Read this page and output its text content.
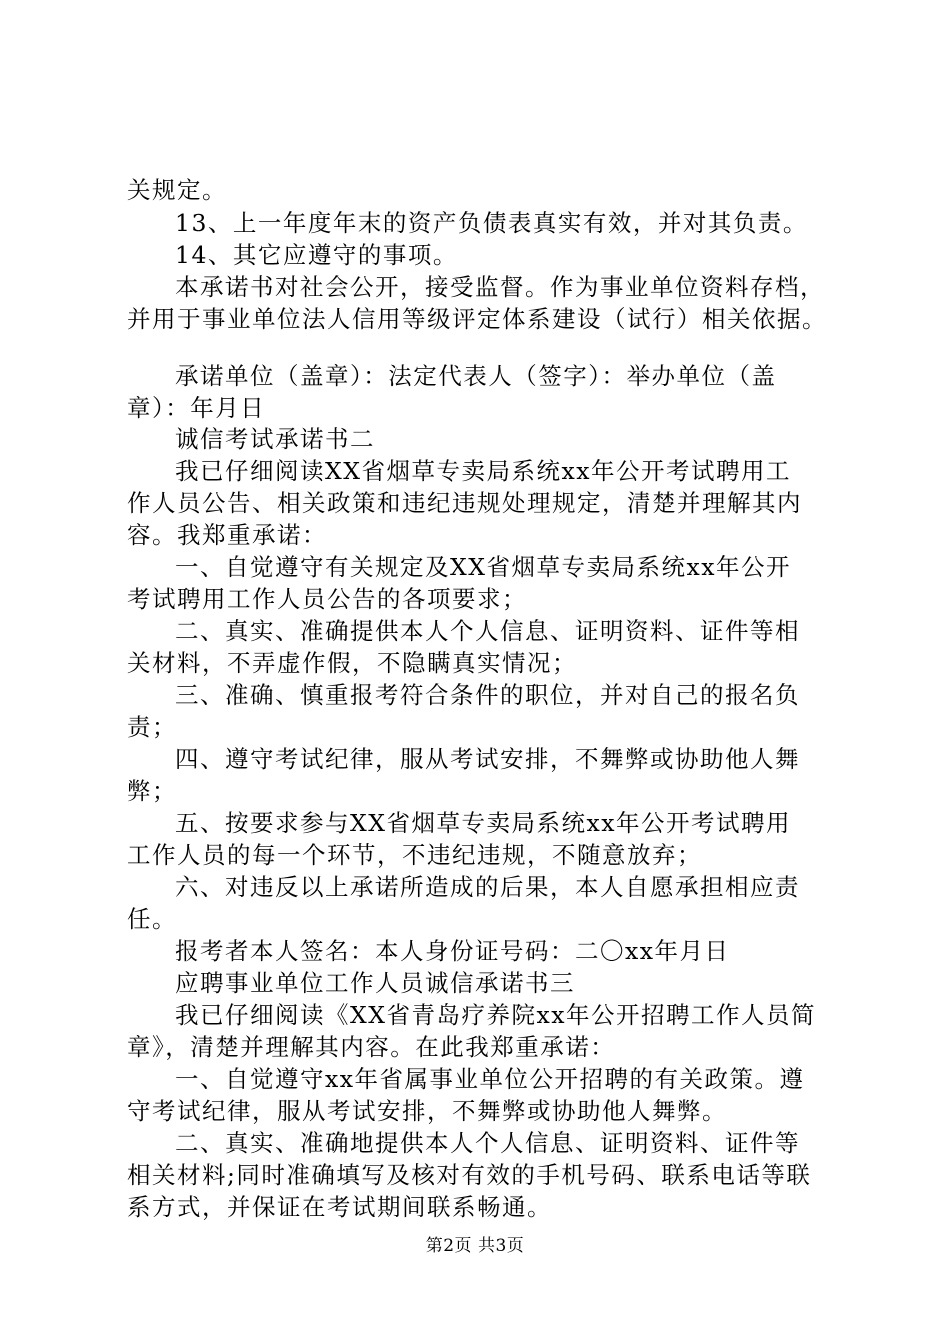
关规定。
13、上一年度年末的资产负债表真实有效，并对其负责。
14、其它应遵守的事项。
本承诺书对社会公开，接受监督。作为事业单位资料存档，
并用于事业单位法人信用等级评定体系建设（试行）相关依据。
承诺单位（盖章）：法定代表人（签字）：举办单位（盖
章）：年月日
诚信考试承诺书二
我已仔细阅读XX省烟草专卖局系统xx年公开考试聘用工
作人员公告、相关政策和违纪违规处理规定，清楚并理解其内
容。我郑重承诺：
一、自觉遵守有关规定及XX省烟草专卖局系统xx年公开
考试聘用工作人员公告的各项要求；
二、真实、准确提供本人个人信息、证明资料、证件等相
关材料，不弄虚作假，不隐瞒真实情况；
三、准确、慎重报考符合条件的职位，并对自己的报名负
责；
四、遵守考试纪律，服从考试安排，不舞弊或协助他人舞
弊；
五、按要求参与XX省烟草专卖局系统xx年公开考试聘用
工作人员的每一个环节，不违纪违规，不随意放弃；
六、对违反以上承诺所造成的后果，本人自愿承担相应责
任。
报考者本人签名：本人身份证号码：二〇xx年月日
应聘事业单位工作人员诚信承诺书三
我已仔细阅读《XX省青岛疗养院xx年公开招聘工作人员简
章》，清楚并理解其内容。在此我郑重承诺：
一、自觉遵守xx年省属事业单位公开招聘的有关政策。遵
守考试纪律，服从考试安排，不舞弊或协助他人舞弊。
二、真实、准确地提供本人个人信息、证明资料、证件等
相关材料;同时准确填写及核对有效的手机号码、联系电话等联
系方式，并保证在考试期间联系畅通。
第2页 共3页
